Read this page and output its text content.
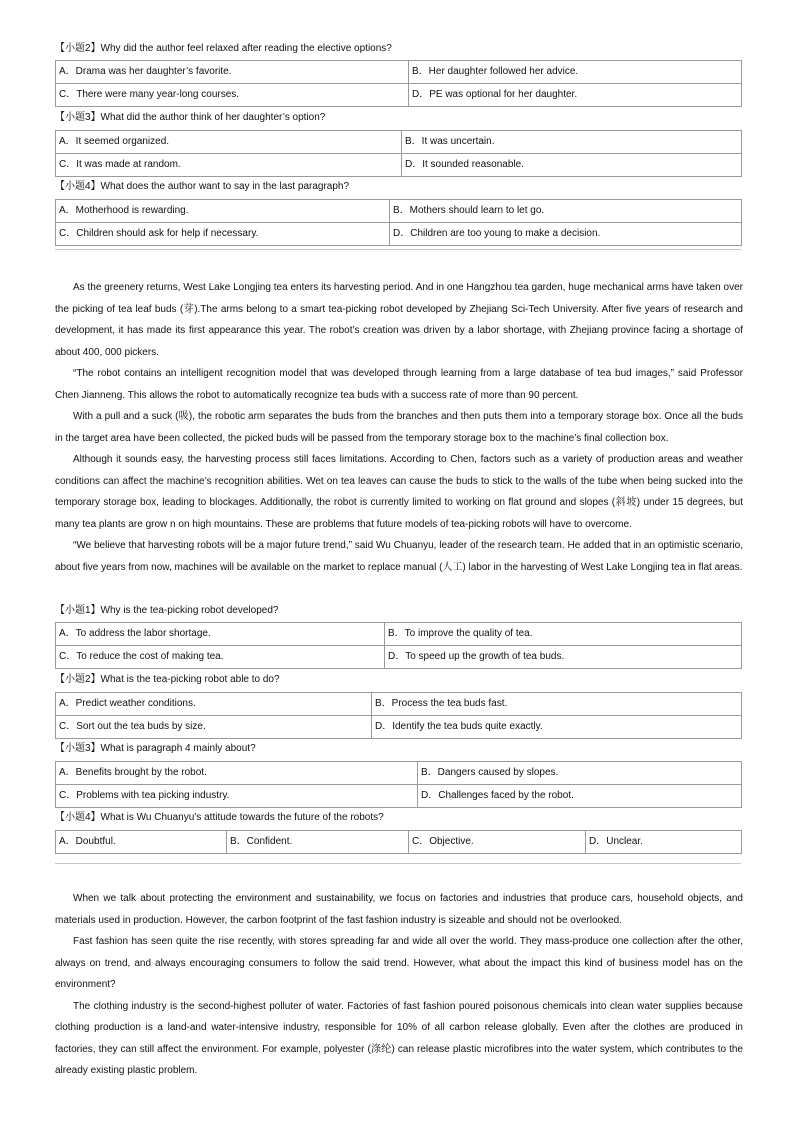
【小题2】Why did the author feel relaxed after reading the elective options?
A．Drama was her daughter’s favorite.	B．Her daughter followed her advice.
C．There were many year-long courses.	D．PE was optional for her daughter.
【小题3】What did the author think of her daughter’s option?
A．It seemed organized.	B．It was uncertain.
C．It was made at random.	D．It sounded reasonable.
【小题4】What does the author want to say in the last paragraph?
A．Motherhood is rewarding.	B．Mothers should learn to let go.
C．Children should ask for help if necessary.	D．Children are too young to make a decision.

As the greenery returns, West Lake Longjing tea enters its harvesting period. And in one Hangzhou tea garden, huge mechanical arms have taken over the picking of tea leaf buds (芽).The arms belong to a smart tea-picking robot developed by Zhejiang Sci-Tech University. After five years of research and development, it has made its first appearance this year. The robot’s creation was driven by a labor shortage, with Zhejiang province facing a shortage of about 400, 000 pickers.

“The robot contains an intelligent recognition model that was developed through learning from a large database of tea bud images,” said Professor Chen Jianneng. This allows the robot to automatically recognize tea buds with a success rate of more than 90 percent.

With a pull and a suck (吸), the robotic arm separates the buds from the branches and then puts them into a temporary storage box. Once all the buds in the target area have been collected, the picked buds will be passed from the temporary storage box to the machine’s final collection box.

Although it sounds easy, the harvesting process still faces limitations. According to Chen, factors such as a variety of production areas and weather conditions can affect the machine’s recognition abilities. Wet on tea leaves can cause the buds to stick to the walls of the tube when being sucked into the temporary storage box, leading to blockages. Additionally, the robot is currently limited to working on flat ground and slopes (斜坡) under 15 degrees, but many tea plants are grow n on high mountains. These are problems that future models of tea-picking robots will have to overcome.

“We believe that harvesting robots will be a major future trend,” said Wu Chuanyu, leader of the research team. He added that in an optimistic scenario, about five years from now, machines will be available on the market to replace manual (人工) labor in the harvesting of West Lake Longjing tea in flat areas.

【小题1】Why is the tea-picking robot developed?
A．To address the labor shortage.	B．To improve the quality of tea.
C．To reduce the cost of making tea.	D．To speed up the growth of tea buds.
【小题2】What is the tea-picking robot able to do?
A．Predict weather conditions.	B．Process the tea buds fast.
C．Sort out the tea buds by size.	D．Identify the tea buds quite exactly.
【小题3】What is paragraph 4 mainly about?
A．Benefits brought by the robot.	B．Dangers caused by slopes.
C．Problems with tea picking industry.	D．Challenges faced by the robot.
【小题4】What is Wu Chuanyu’s attitude towards the future of the robots?
A．Doubtful.	B．Confident.	C．Objective.	D．Unclear.

When we talk about protecting the environment and sustainability, we focus on factories and industries that produce cars, household objects, and materials used in production. However, the carbon footprint of the fast fashion industry is sizeable and should not be overlooked.

Fast fashion has seen quite the rise recently, with stores spreading far and wide all over the world. They mass-produce one collection after the other, always on trend, and always encouraging consumers to follow the said trend. However, what about the impact this kind of business model has on the environment?

The clothing industry is the second-highest polluter of water. Factories of fast fashion poured poisonous chemicals into clean water supplies because clothing production is a land-and water-intensive industry, responsible for 10% of all carbon release globally. Even after the clothes are produced in factories, they can still affect the environment. For example, polyester (涤纶) can release plastic microfibres into the water system, which contributes to the already existing plastic problem.
